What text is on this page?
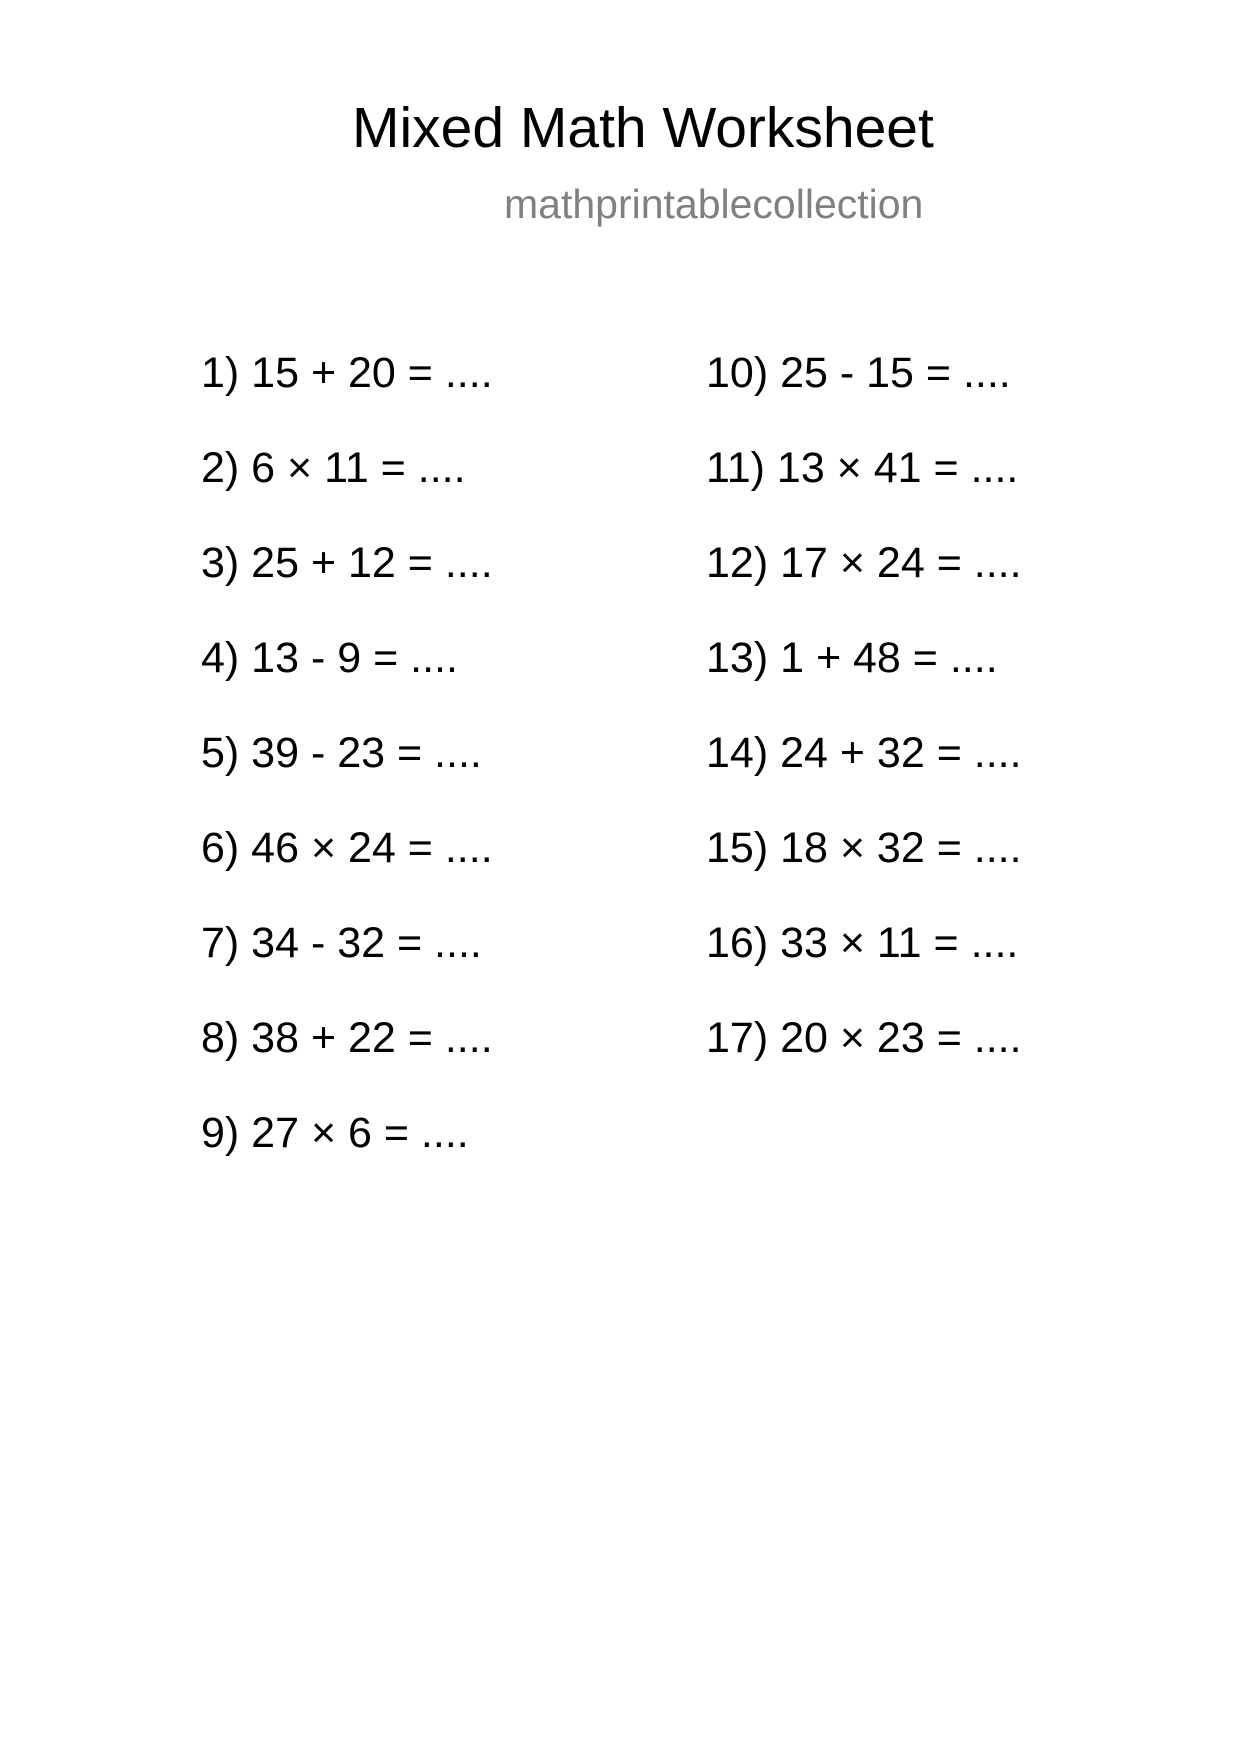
Mixed Math Worksheet
mathprintablecollection
1) 15 + 20 = ....
2) 6 × 11 = ....
3) 25 + 12 = ....
4) 13 - 9 = ....
5) 39 - 23 = ....
6) 46 × 24 = ....
7) 34 - 32 = ....
8) 38 + 22 = ....
9) 27 × 6 = ....
10) 25 - 15 = ....
11) 13 × 41 = ....
12) 17 × 24 = ....
13) 1 + 48 = ....
14) 24 + 32 = ....
15) 18 × 32 = ....
16) 33 × 11 = ....
17) 20 × 23 = ....
